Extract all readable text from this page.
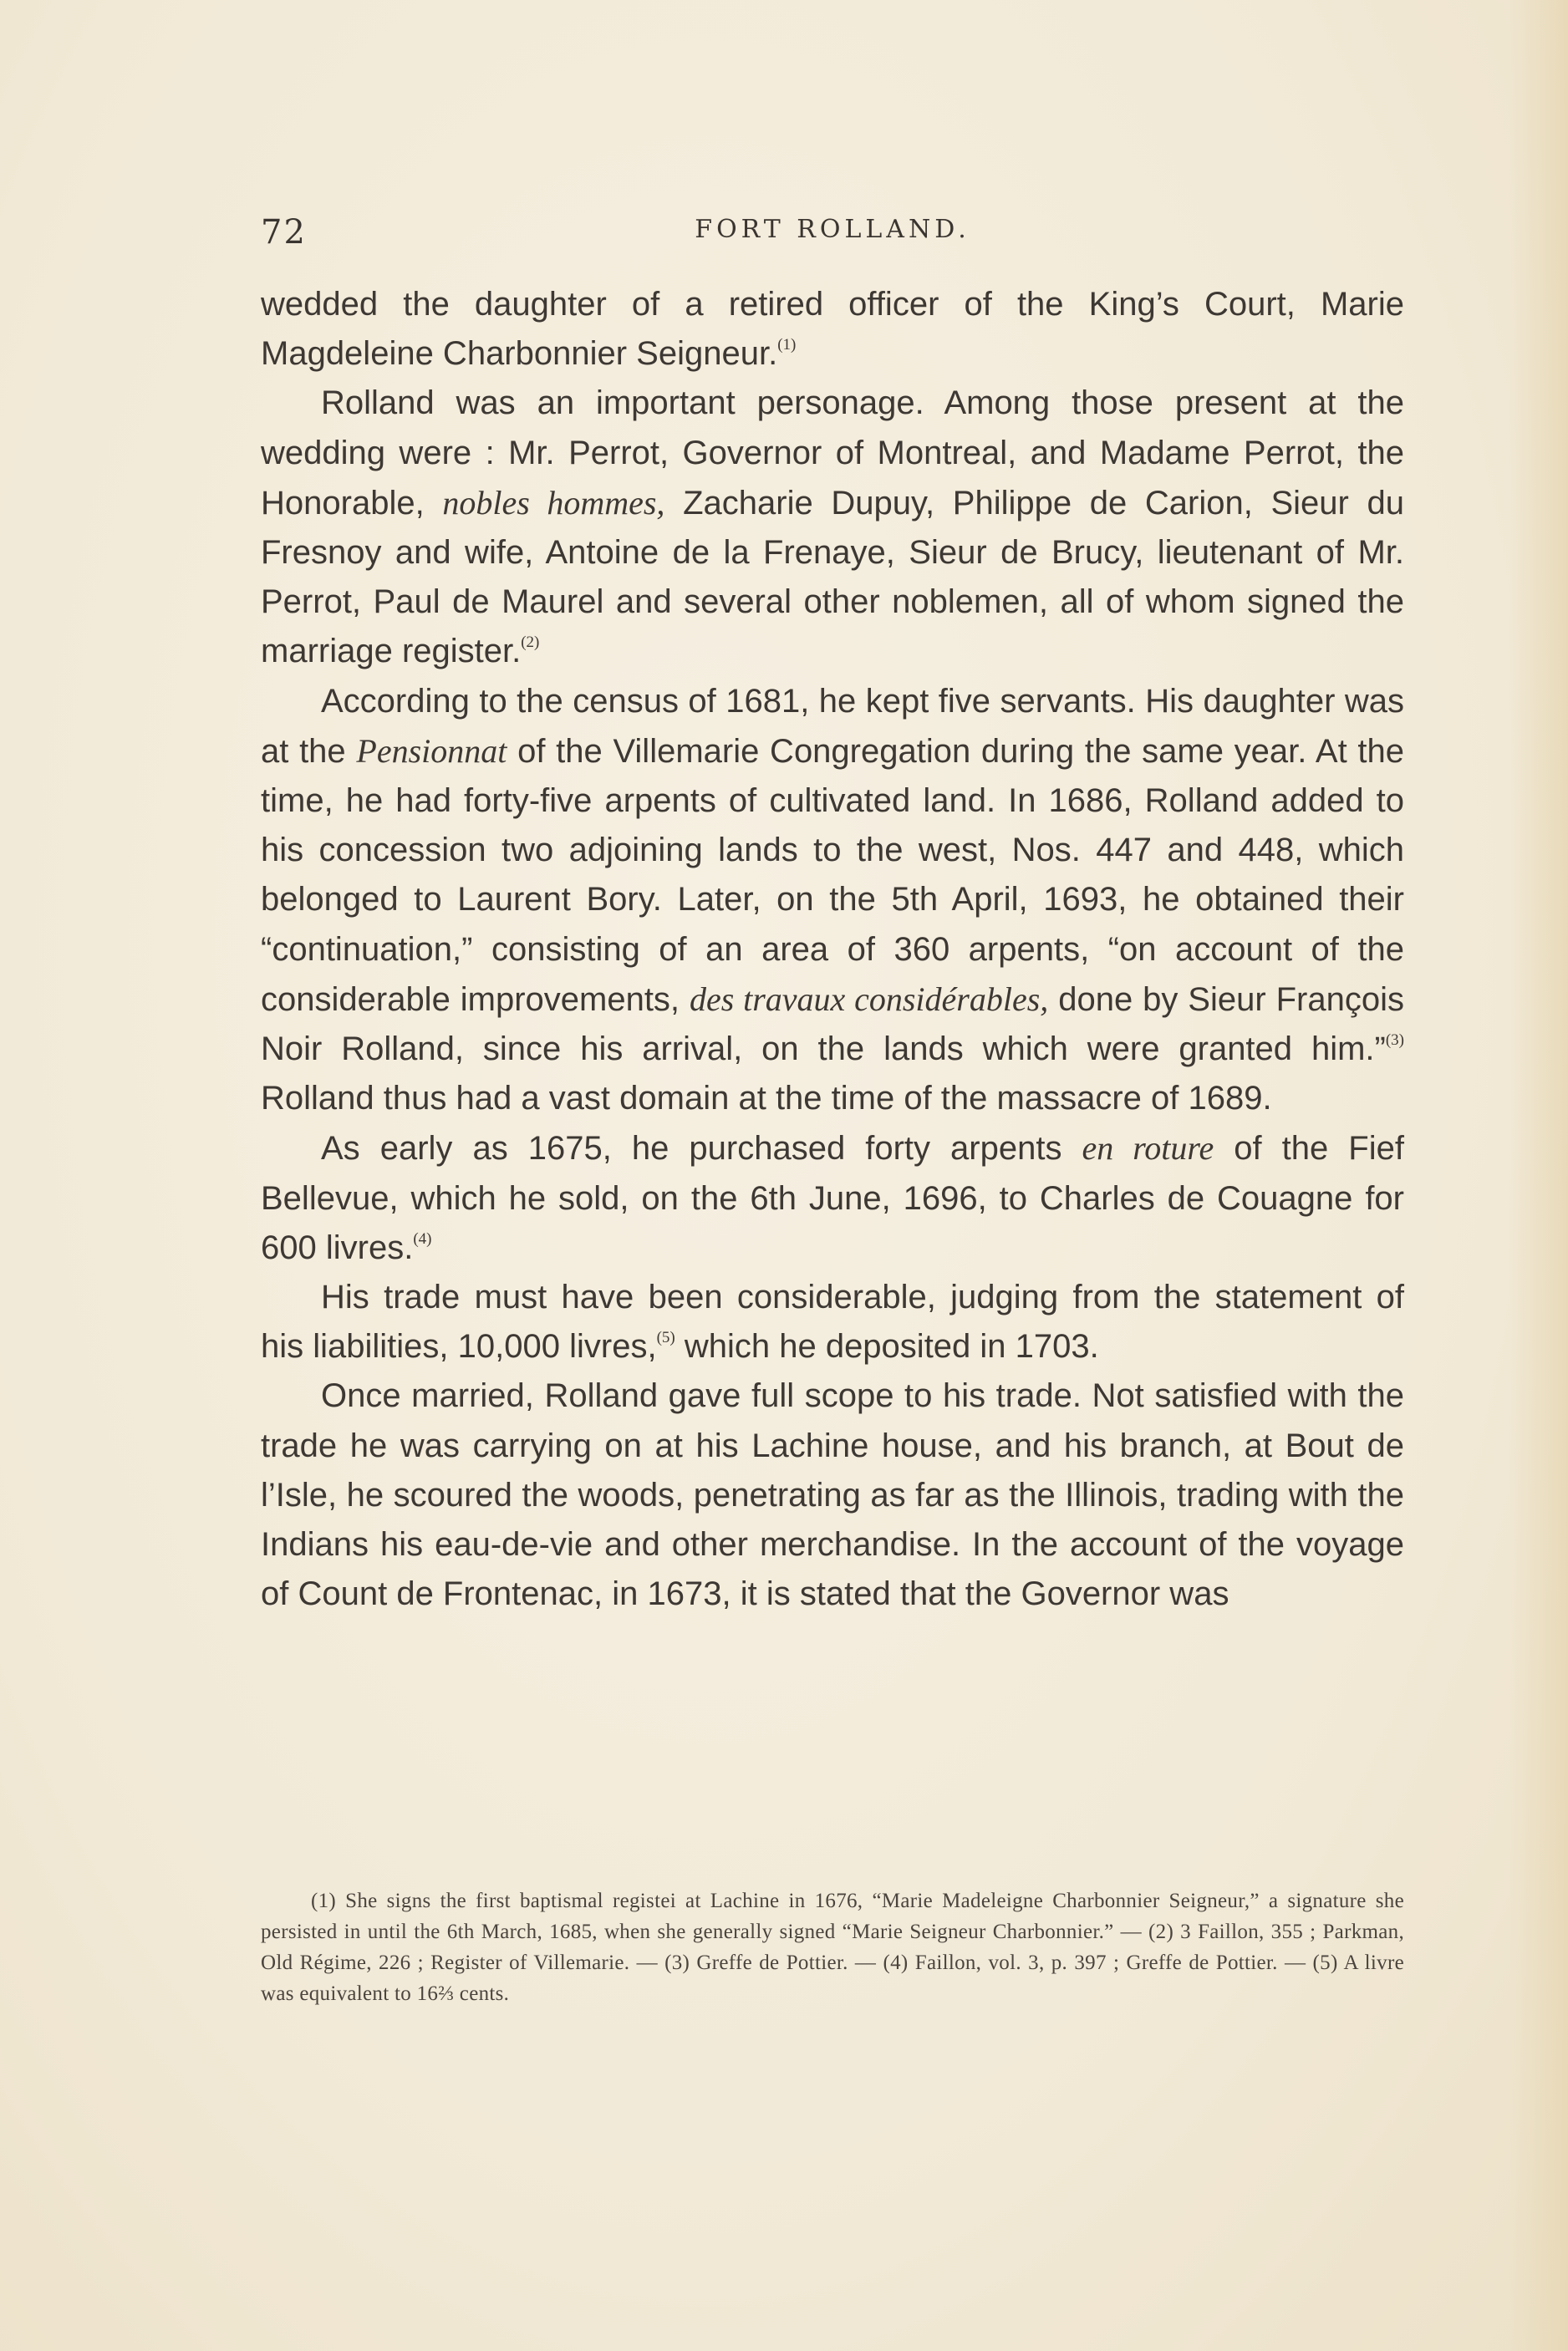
72	FORT ROLLAND.

wedded the daughter of a retired officer of the King’s Court, Marie Magdeleine Charbonnier Seigneur.$^{(1)}$

Rolland was an important personage. Among those present at the wedding were : Mr. Perrot, Governor of Montreal, and Madame Perrot, the Honorable, nobles hommes, Zacharie Dupuy, Philippe de Carion, Sieur du Fresnoy and wife, Antoine de la Frenaye, Sieur de Brucy, lieutenant of Mr. Perrot, Paul de Maurel and several other noblemen, all of whom signed the marriage register.$^{(2)}$

According to the census of 1681, he kept five servants. His daughter was at the Pensionnat of the Villemarie Congregation during the same year. At the time, he had forty-five arpents of cultivated land. In 1686, Rolland added to his concession two adjoining lands to the west, Nos. 447 and 448, which belonged to Laurent Bory. Later, on the 5th April, 1693, he obtained their “continuation,” consisting of an area of 360 arpents, “on account of the considerable improvements, des travaux considérables, done by Sieur François Noir Rolland, since his arrival, on the lands which were granted him.”$^{(3)}$ Rolland thus had a vast domain at the time of the massacre of 1689.

As early as 1675, he purchased forty arpents en roture of the Fief Bellevue, which he sold, on the 6th June, 1696, to Charles de Couagne for 600 livres.$^{(4)}$

His trade must have been considerable, judging from the statement of his liabilities, 10,000 livres,$^{(5)}$ which he deposited in 1703.

Once married, Rolland gave full scope to his trade. Not satisfied with the trade he was carrying on at his Lachine house, and his branch, at Bout de l’Isle, he scoured the woods, penetrating as far as the Illinois, trading with the Indians his eau-de-vie and other merchandise. In the account of the voyage of Count de Frontenac, in 1673, it is stated that the Governor was

(1) She signs the first baptismal registei at Lachine in 1676, “Marie Madeleigne Charbonnier Seigneur,” a signature she persisted in until the 6th March, 1685, when she generally signed “Marie Seigneur Charbonnier.” — (2) 3 Faillon, 355 ; Parkman, Old Régime, 226 ; Register of Villemarie. — (3) Greffe de Pottier. — (4) Faillon, vol. 3, p. 397 ; Greffe de Pottier. — (5) A livre was equivalent to 16⅔ cents.
